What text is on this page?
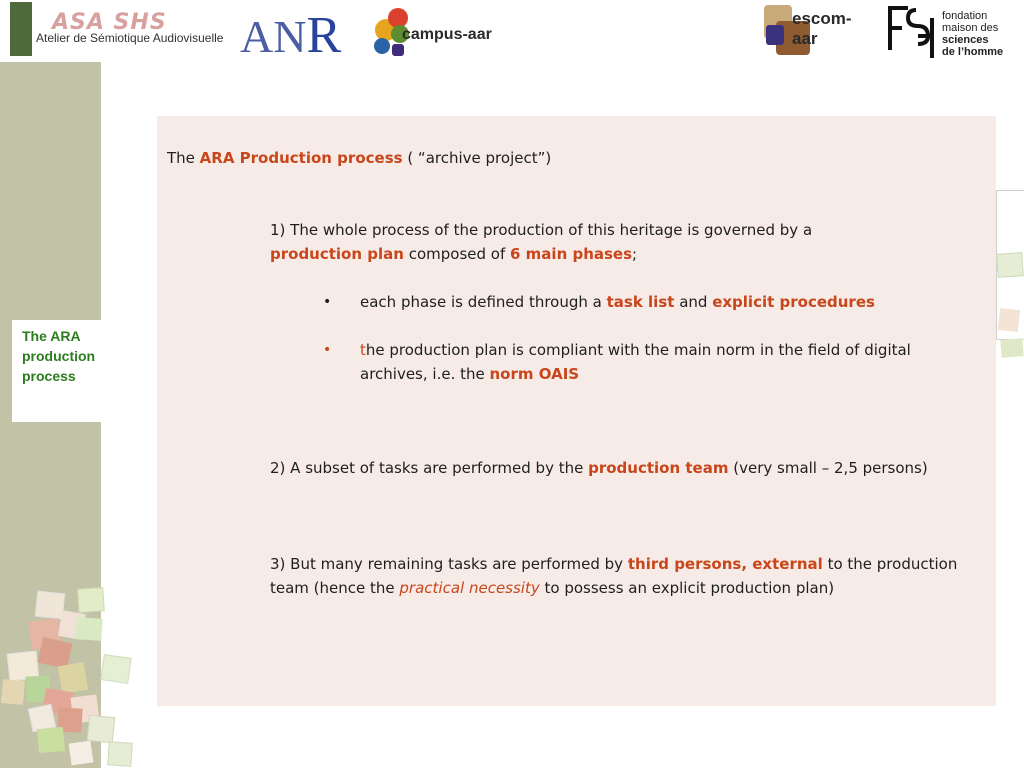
ASA SHS
Atelier de Sémiotique Audiovisuelle ANR	campus-aar
escom-aar
fondation
maison des
sciences
de l’homme
The ARA production process
The ARA Production process ( “archive project”)
1) The whole process of the production of this heritage is governed by a
production plan composed of 6 main phases;
• each phase is defined through a task list and explicit procedures
• the production plan is compliant with the main norm in the field of digital archives, i.e. the norm OAIS
2) A subset of tasks are performed by the production team (very small – 2,5 persons)
3) But many remaining tasks are performed by third persons, external to the production team (hence the practical necessity to possess an explicit production plan)
